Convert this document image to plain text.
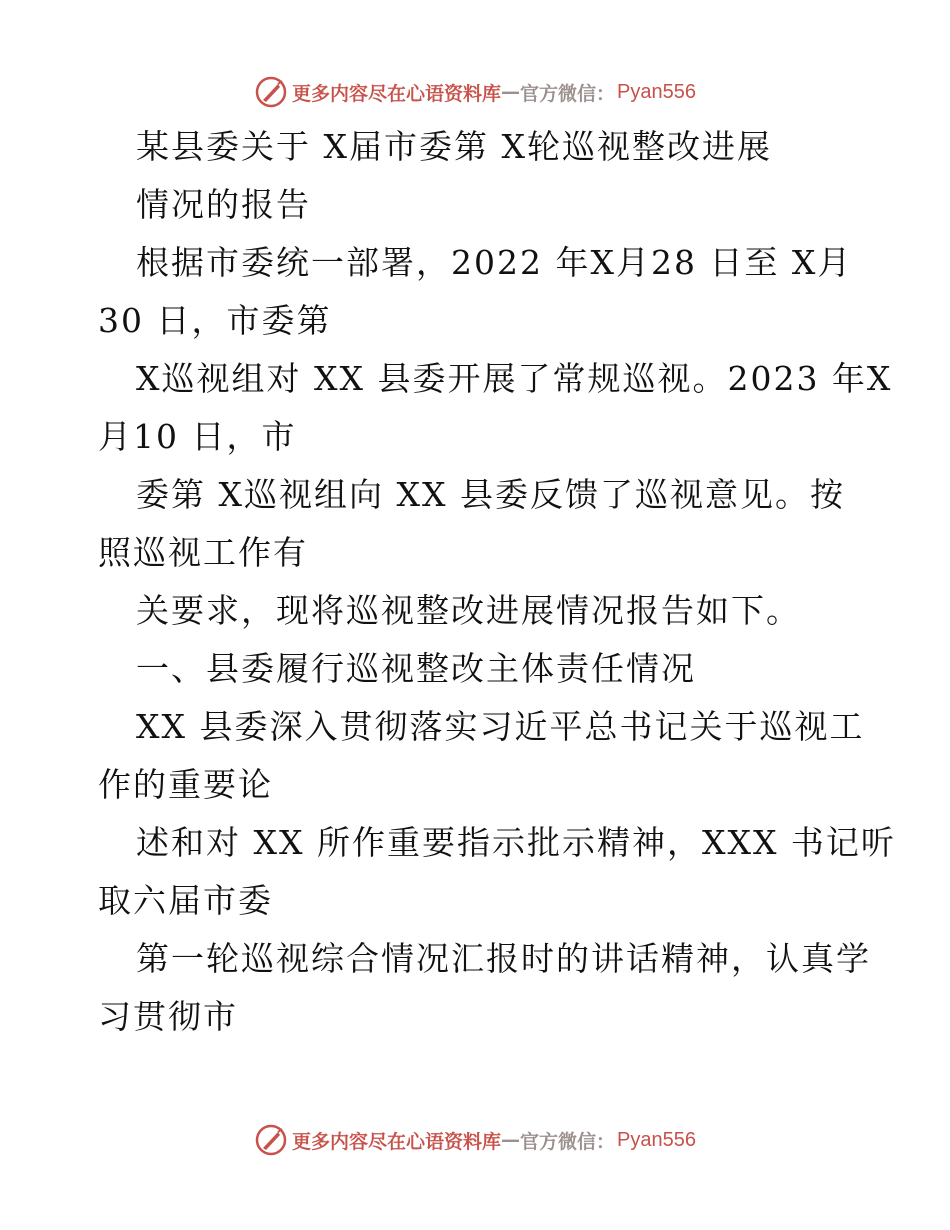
更多内容尽在心语资料库 — 官方微信： Pyan556
某县委关于 X届市委第 X轮巡视整改进展
情况的报告
根据市委统一部署，2022 年X月28 日至 X月
30 日，市委第
X巡视组对 XX 县委开展了常规巡视。2023 年X
月10 日，市
委第 X巡视组向 XX 县委反馈了巡视意见。按
照巡视工作有
关要求，现将巡视整改进展情况报告如下。
一、县委履行巡视整改主体责任情况
XX 县委深入贯彻落实习近平总书记关于巡视工
作的重要论
述和对 XX 所作重要指示批示精神，XXX 书记听
取六届市委
第一轮巡视综合情况汇报时的讲话精神，认真学
习贯彻市
更多内容尽在心语资料库 — 官方微信： Pyan556
